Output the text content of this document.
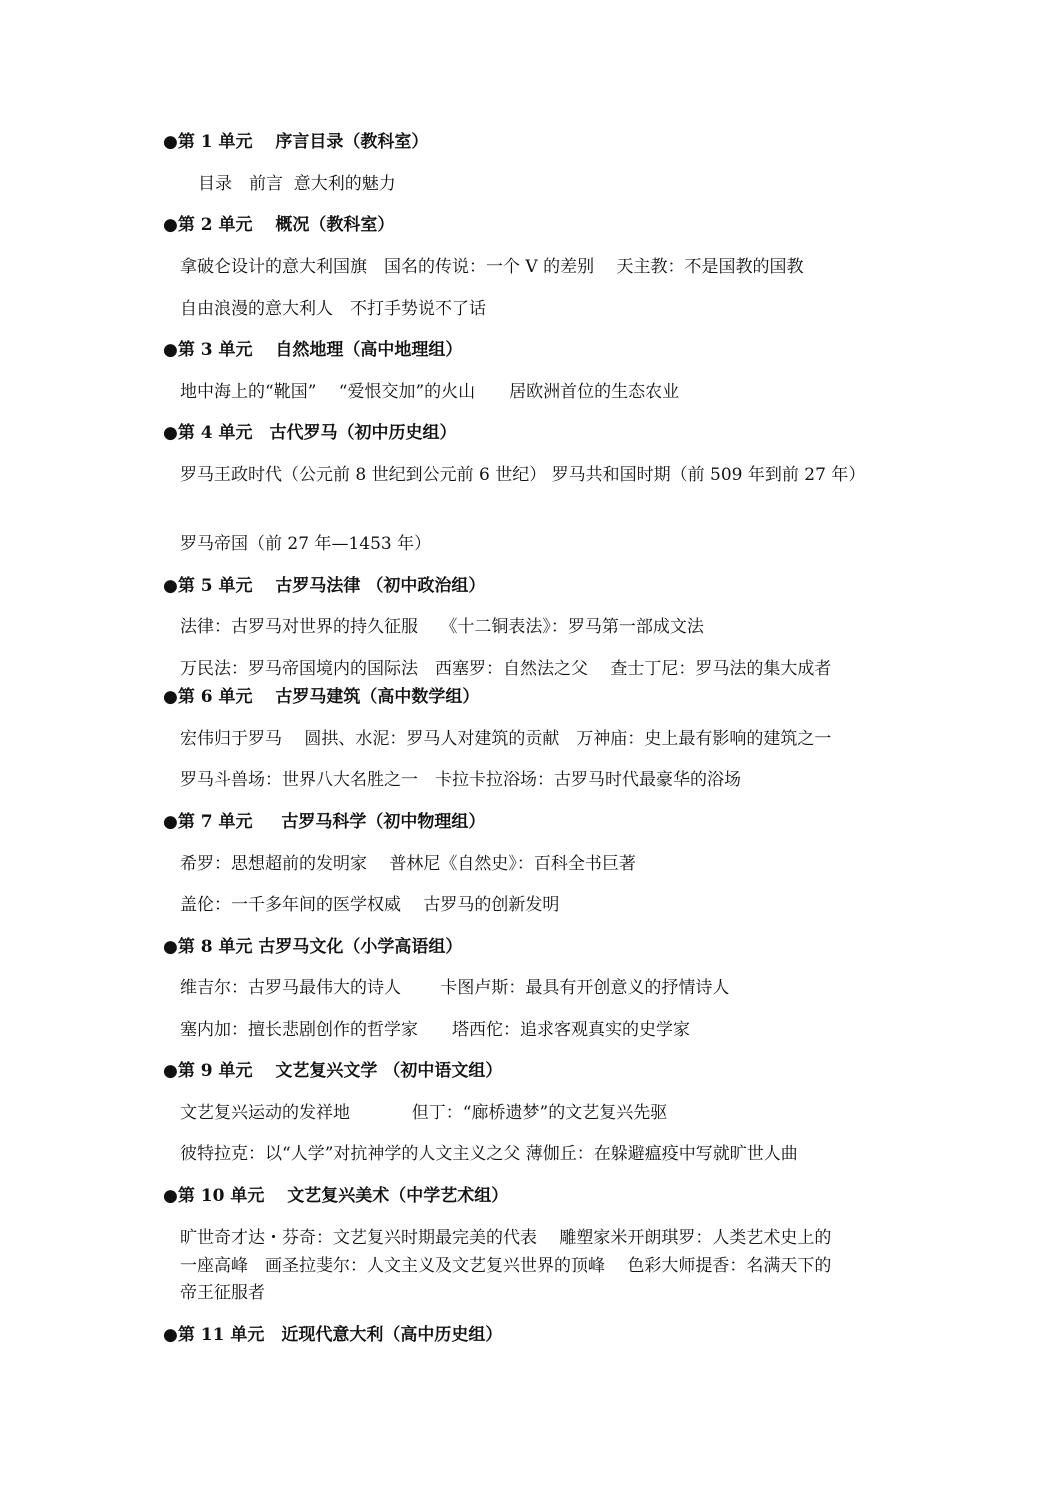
●第 1 单元　 序言目录（教科室）
目录　前言  意大利的魅力
●第 2 单元　 概况（教科室）
拿破仑设计的意大利国旗　国名的传说：一个 V 的差别　 天主教：不是国教的国教
自由浪漫的意大利人　不打手势说不了话
●第 3 单元　 自然地理（高中地理组）
地中海上的“靴国”　 “爱恨交加”的火山　　居欧洲首位的生态农业
●第 4 单元　古代罗马（初中历史组）
罗马王政时代（公元前 8 世纪到公元前 6 世纪） 罗马共和国时期（前 509 年到前 27 年）
罗马帝国（前 27 年—1453 年）
●第 5 单元　 古罗马法律 （初中政治组）
法律：古罗马对世界的持久征服　 《十二铜表法》：罗马第一部成文法
万民法：罗马帝国境内的国际法　西塞罗：自然法之父　 查士丁尼：罗马法的集大成者
●第 6 单元　 古罗马建筑（高中数学组）
宏伟归于罗马　 圆拱、水泥：罗马人对建筑的贡献　万神庙：史上最有影响的建筑之一
罗马斗兽场：世界八大名胜之一　卡拉卡拉浴场：古罗马时代最豪华的浴场
●第 7 单元　  古罗马科学（初中物理组）
希罗：思想超前的发明家　 普林尼《自然史》：百科全书巨著
盖伦：一千多年间的医学权威　 古罗马的创新发明
●第 8 单元 古罗马文化（小学高语组）
维吉尔：古罗马最伟大的诗人　　 卡图卢斯：最具有开创意义的抒情诗人
塞内加：擅长悲剧创作的哲学家　　塔西佗：追求客观真实的史学家
●第 9 单元　 文艺复兴文学 （初中语文组）
文艺复兴运动的发祥地　　　  但丁：“廊桥遗梦”的文艺复兴先驱
彼特拉克：以“人学”对抗神学的人文主义之父 薄伽丘：在躲避瘟疫中写就旷世人曲
●第 10 单元　 文艺复兴美术（中学艺术组）
旷世奇才达・芬奇：文艺复兴时期最完美的代表　 雕塑家米开朗琪罗：人类艺术史上的
一座高峰　画圣拉斐尔：人文主义及文艺复兴世界的顶峰　 色彩大师提香：名满天下的
帝王征服者
●第 11 单元　近现代意大利（高中历史组）
